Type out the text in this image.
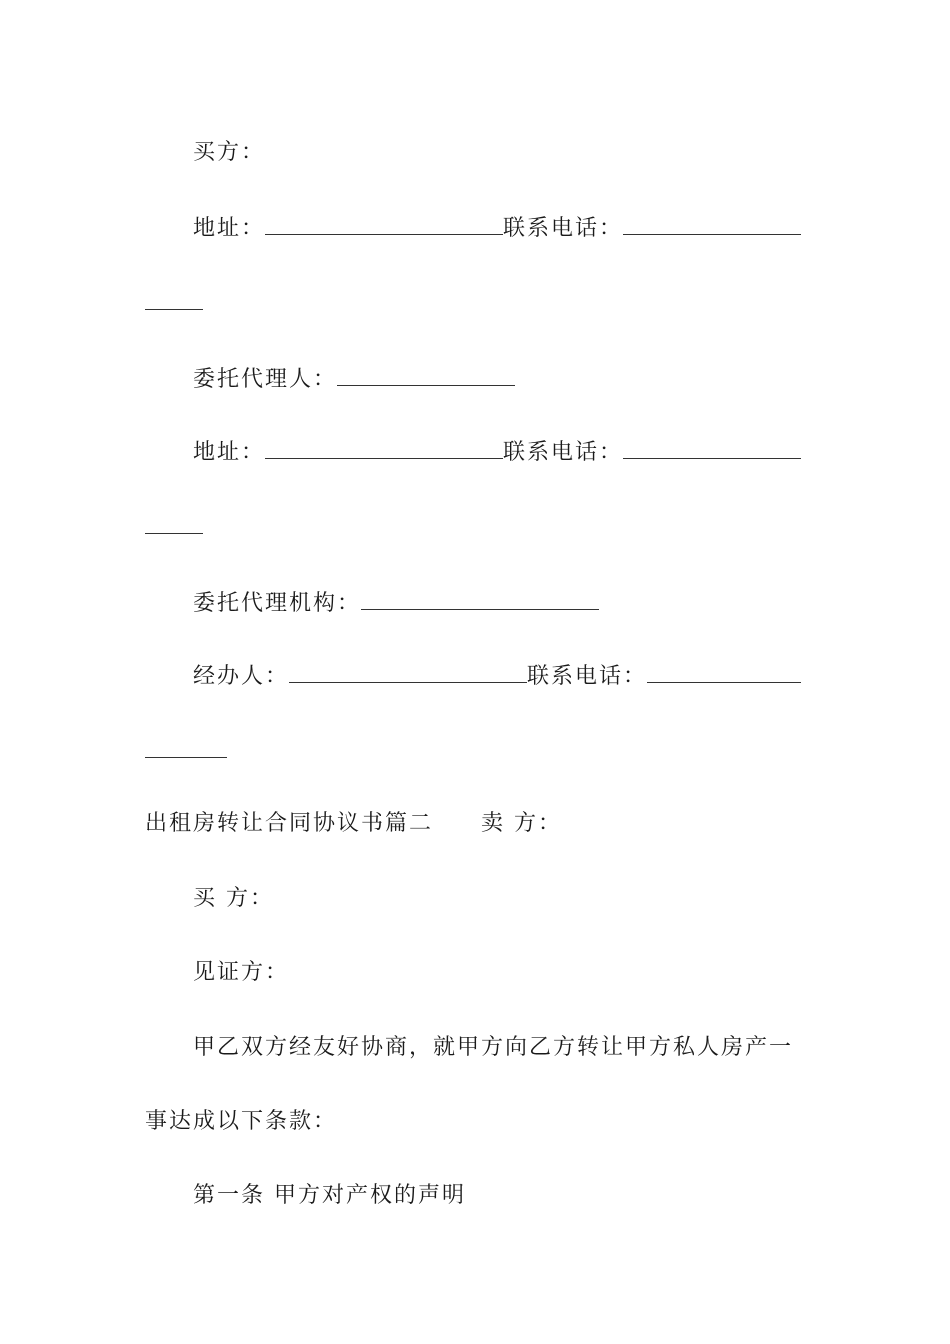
买方：
地址：	联系电话：
委托代理人：
地址：	联系电话：
委托代理机构：
经办人：	联系电话：
出租房转让合同协议书篇二 卖 方：
买 方：
见证方：
甲乙双方经友好协商，就甲方向乙方转让甲方私人房产一
事达成以下条款：
第一条 甲方对产权的声明
